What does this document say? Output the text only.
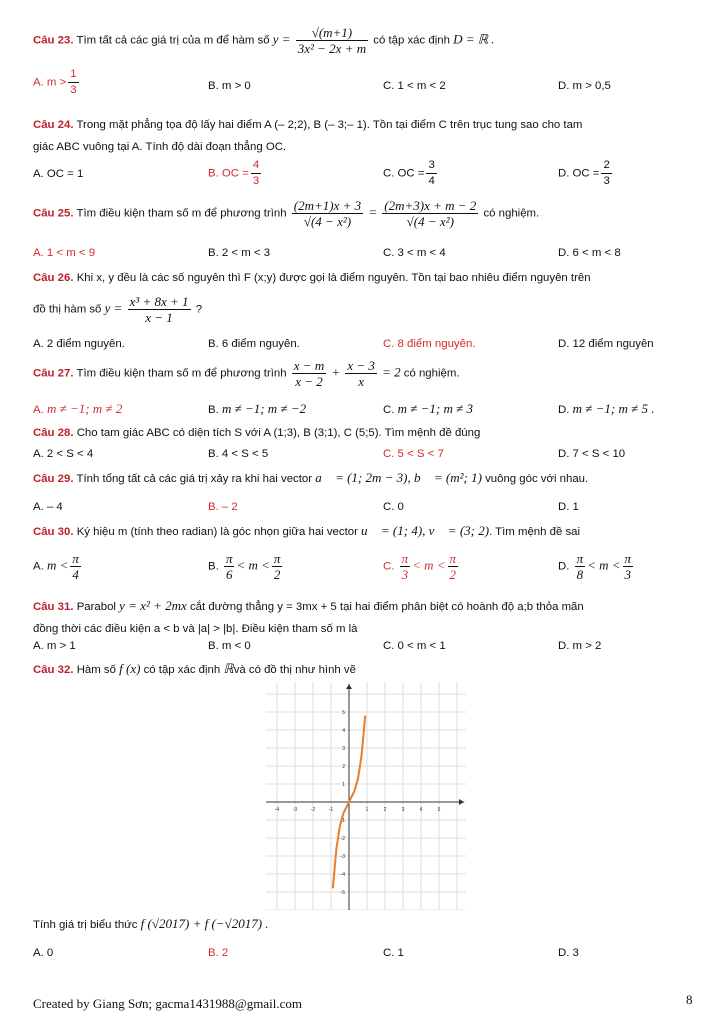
Câu 23. Tìm tất cả các giá trị của m để hàm số $y = \frac{√(m+1)}{\text{3x² − 2x + m}}$ có tập xác định D = ℝ .
A. $m > \frac{1}{3}$	B. m > 0	C. 1 < m < 2	D. m > 0,5
Câu 24. Trong mặt phẳng tọa độ lấy hai điểm A (– 2;2), B (– 3;– 1). Tồn tại điểm C trên trục tung sao cho tam
giác ABC vuông tại A. Tính độ dài đoạn thẳng OC.
A. OC = 1	B. OC = $\frac{4}{3}$	C. OC = $\frac{3}{4}$	D. OC = $\frac{2}{3}$
Câu 25. Tìm điều kiện tham số m để phương trình $\frac{(2m+1)x + 3}{\text{√(4 − x²)}} = \frac{(2m+3)x + m - 2}{\text{√(4 − x²)}}$ có nghiệm.
A. 1 < m < 9	B. 2 < m < 3	C. 3 < m < 4	D. 6 < m < 8
Câu 26. Khi x, y đều là các số nguyên thì F (x;y) được gọi là điểm nguyên. Tồn tại bao nhiêu điểm nguyên trên
đồ thị hàm số $y = \frac{\text{x³ + 8x + 1}}{x - 1}$ ?
A. 2 điểm nguyên.	B. 6 điểm nguyên.	C. 8 điểm nguyên.	D. 12 điểm nguyên
Câu 27. Tìm điều kiện tham số m để phương trình $\frac{x - m}{x - 2} + \frac{x - 3}{x} = 2$ có nghiệm.
A. m ≠ −1; m ≠ 2	B. m ≠ −1; m ≠ −2	C. m ≠ −1; m ≠ 3	D. m ≠ −1; m ≠ 5 .
Câu 28. Cho tam giác ABC có diện tích S với A (1;3), B (3;1), C (5;5). Tìm mệnh đề đúng
A. 2 < S < 4	B. 4 < S < 5	C. 5 < S < 7	D. 7 < S < 10
Câu 29. Tính tổng tất cả các giá trị xảy ra khi hai vector a⃗ = (1; 2m − 3), b⃗ = (m²; 1) vuông góc với nhau.
A. – 4	B. – 2	C. 0	D. 1
Câu 30. Ký hiệu m (tính theo radian) là góc nhọn giữa hai vector u⃗ = (1; 4), v⃗ = (3; 2). Tìm mệnh đề sai
A. $m < \frac{\pi}{4}$	B. $\frac{\pi}{6} < m < \frac{\pi}{2}$	C. $\frac{\pi}{3} < m < \frac{\pi}{2}$	D. $\frac{\pi}{8} < m < \frac{\pi}{3}$
Câu 31. Parabol y = x² + 2mx cắt đường thẳng y = 3mx + 5 tại hai điểm phân biệt có hoành độ a;b thỏa mãn
đồng thời các điều kiện a < b và |a| > |b|. Điều kiện tham số m là
A. m > 1	B. m < 0	C. 0 < m < 1	D. m > 2
Câu 32. Hàm số f (x) có tập xác định ℝvà có đồ thị như hình vẽ
-4	-3	-2	-1	1	2	3	4	5
5
4
3
2
1
-1
-2
-3
-4
-5
Tính giá trị biểu thức f (√2017) + f (−√2017) .
A. 0	B. 2	C. 1	D. 3
Created by Giang Sơn; gacma1431988@gmail.com	8
